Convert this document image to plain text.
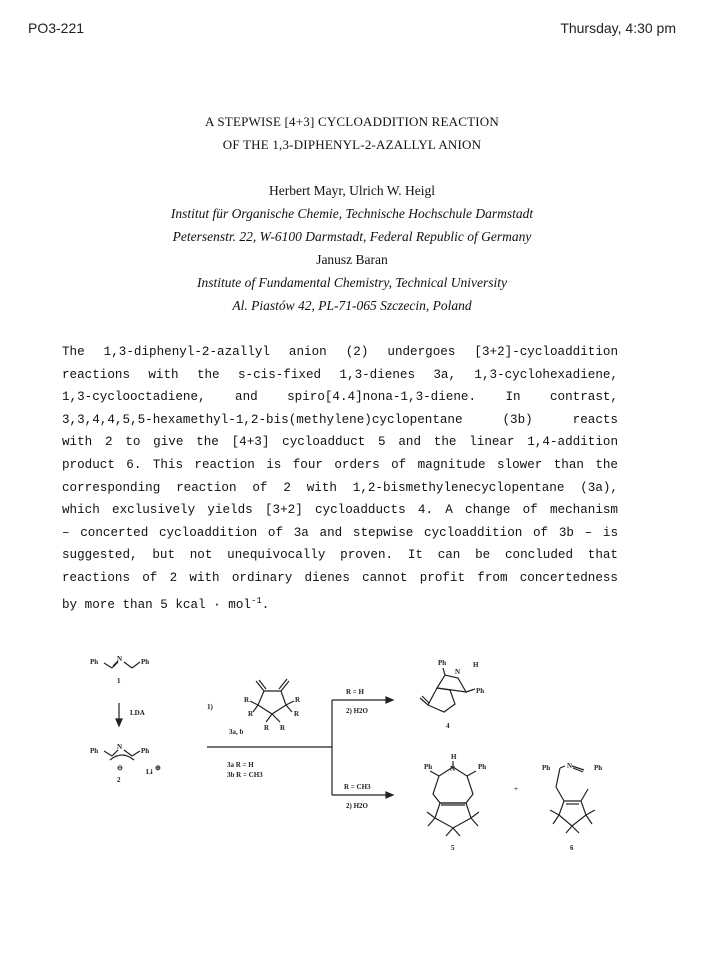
PO3-221	Thursday, 4:30 pm
A STEPWISE [4+3] CYCLOADDITION REACTION
OF THE 1,3-DIPHENYL-2-AZALLYL ANION
Herbert Mayr, Ulrich W. Heigl
Institut für Organische Chemie, Technische Hochschule Darmstadt
Petersenstr. 22, W-6100 Darmstadt, Federal Republic of Germany
Janusz Baran
Institute of Fundamental Chemistry, Technical University
Al. Piastów 42, PL-71-065 Szczecin, Poland
The 1,3-diphenyl-2-azallyl anion (2) undergoes [3+2]-cycloaddition
reactions with the s-cis-fixed 1,3-dienes 3a, 1,3-cyclohexadiene,
1,3-cyclooctadiene, and spiro[4.4]nona-1,3-diene. In contrast,
3,3,4,4,5,5-hexamethyl-1,2-bis(methylene)cyclopentane (3b) reacts
with 2 to give the [4+3] cycloadduct 5 and the linear 1,4-addition
product 6. This reaction is four orders of magnitude slower than the
corresponding reaction of 2 with 1,2-bismethylenecyclopentane (3a),
which exclusively yields [3+2] cycloadducts 4. A change of mechanism
– concerted cycloaddition of 3a and stepwise cycloaddition of 3b – is
suggested, but not unequivocally proven. It can be concluded that
reactions of 2 with ordinary dienes cannot profit from concertedness
by more than 5 kcal · mol$^{-1}$.
Ph	N	Ph
1
LDA
Ph	N	Ph
⊖	Li ⊕
2
1)
3a, b
3a R = H
3b R = CH3
R
R
R
R
R R
R = H
2) H2O
R = CH3
2) H2O
Ph
N
H
Ph
4
H
N
Ph	Ph
5
+
Ph N	Ph
6
